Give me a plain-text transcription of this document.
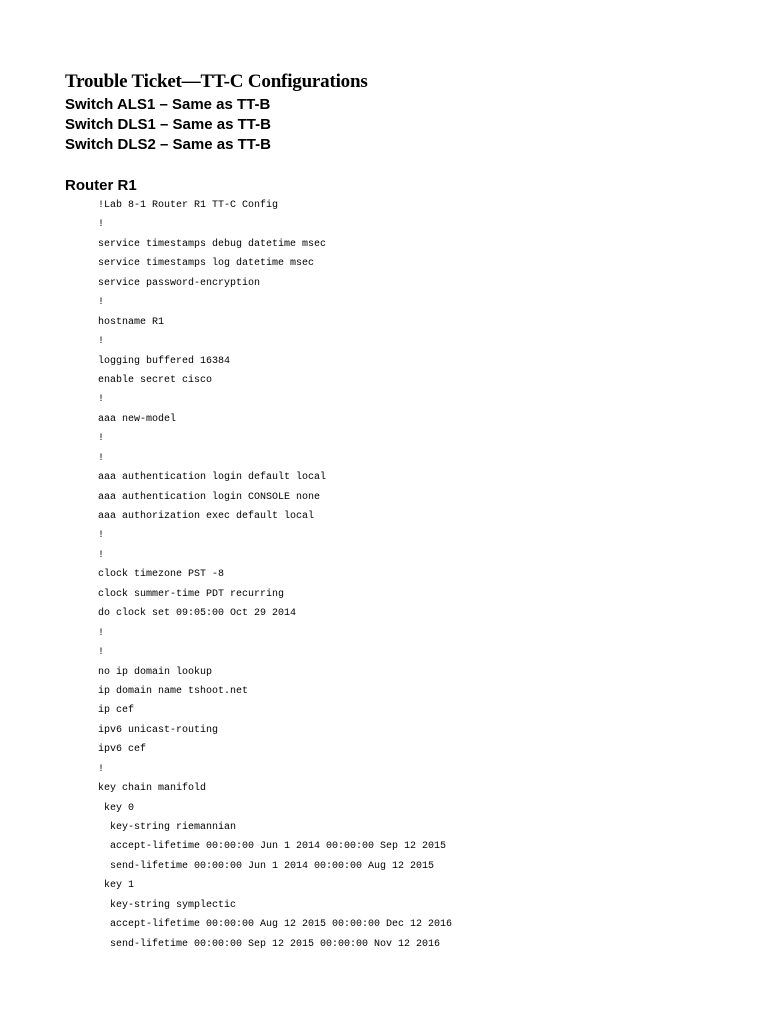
Trouble Ticket—TT-C Configurations
Switch ALS1 – Same as TT-B
Switch DLS1 – Same as TT-B
Switch DLS2 – Same as TT-B
Router R1
!Lab 8-1 Router R1 TT-C Config
!
service timestamps debug datetime msec
service timestamps log datetime msec
service password-encryption
!
hostname R1
!
logging buffered 16384
enable secret cisco
!
aaa new-model
!
!
aaa authentication login default local
aaa authentication login CONSOLE none
aaa authorization exec default local
!
!
clock timezone PST -8
clock summer-time PDT recurring
do clock set 09:05:00 Oct 29 2014
!
!
no ip domain lookup
ip domain name tshoot.net
ip cef
ipv6 unicast-routing
ipv6 cef
!
key chain manifold
key 0
key-string riemannian
accept-lifetime 00:00:00 Jun 1 2014 00:00:00 Sep 12 2015
send-lifetime 00:00:00 Jun 1 2014 00:00:00 Aug 12 2015
key 1
key-string symplectic
accept-lifetime 00:00:00 Aug 12 2015 00:00:00 Dec 12 2016
send-lifetime 00:00:00 Sep 12 2015 00:00:00 Nov 12 2016
